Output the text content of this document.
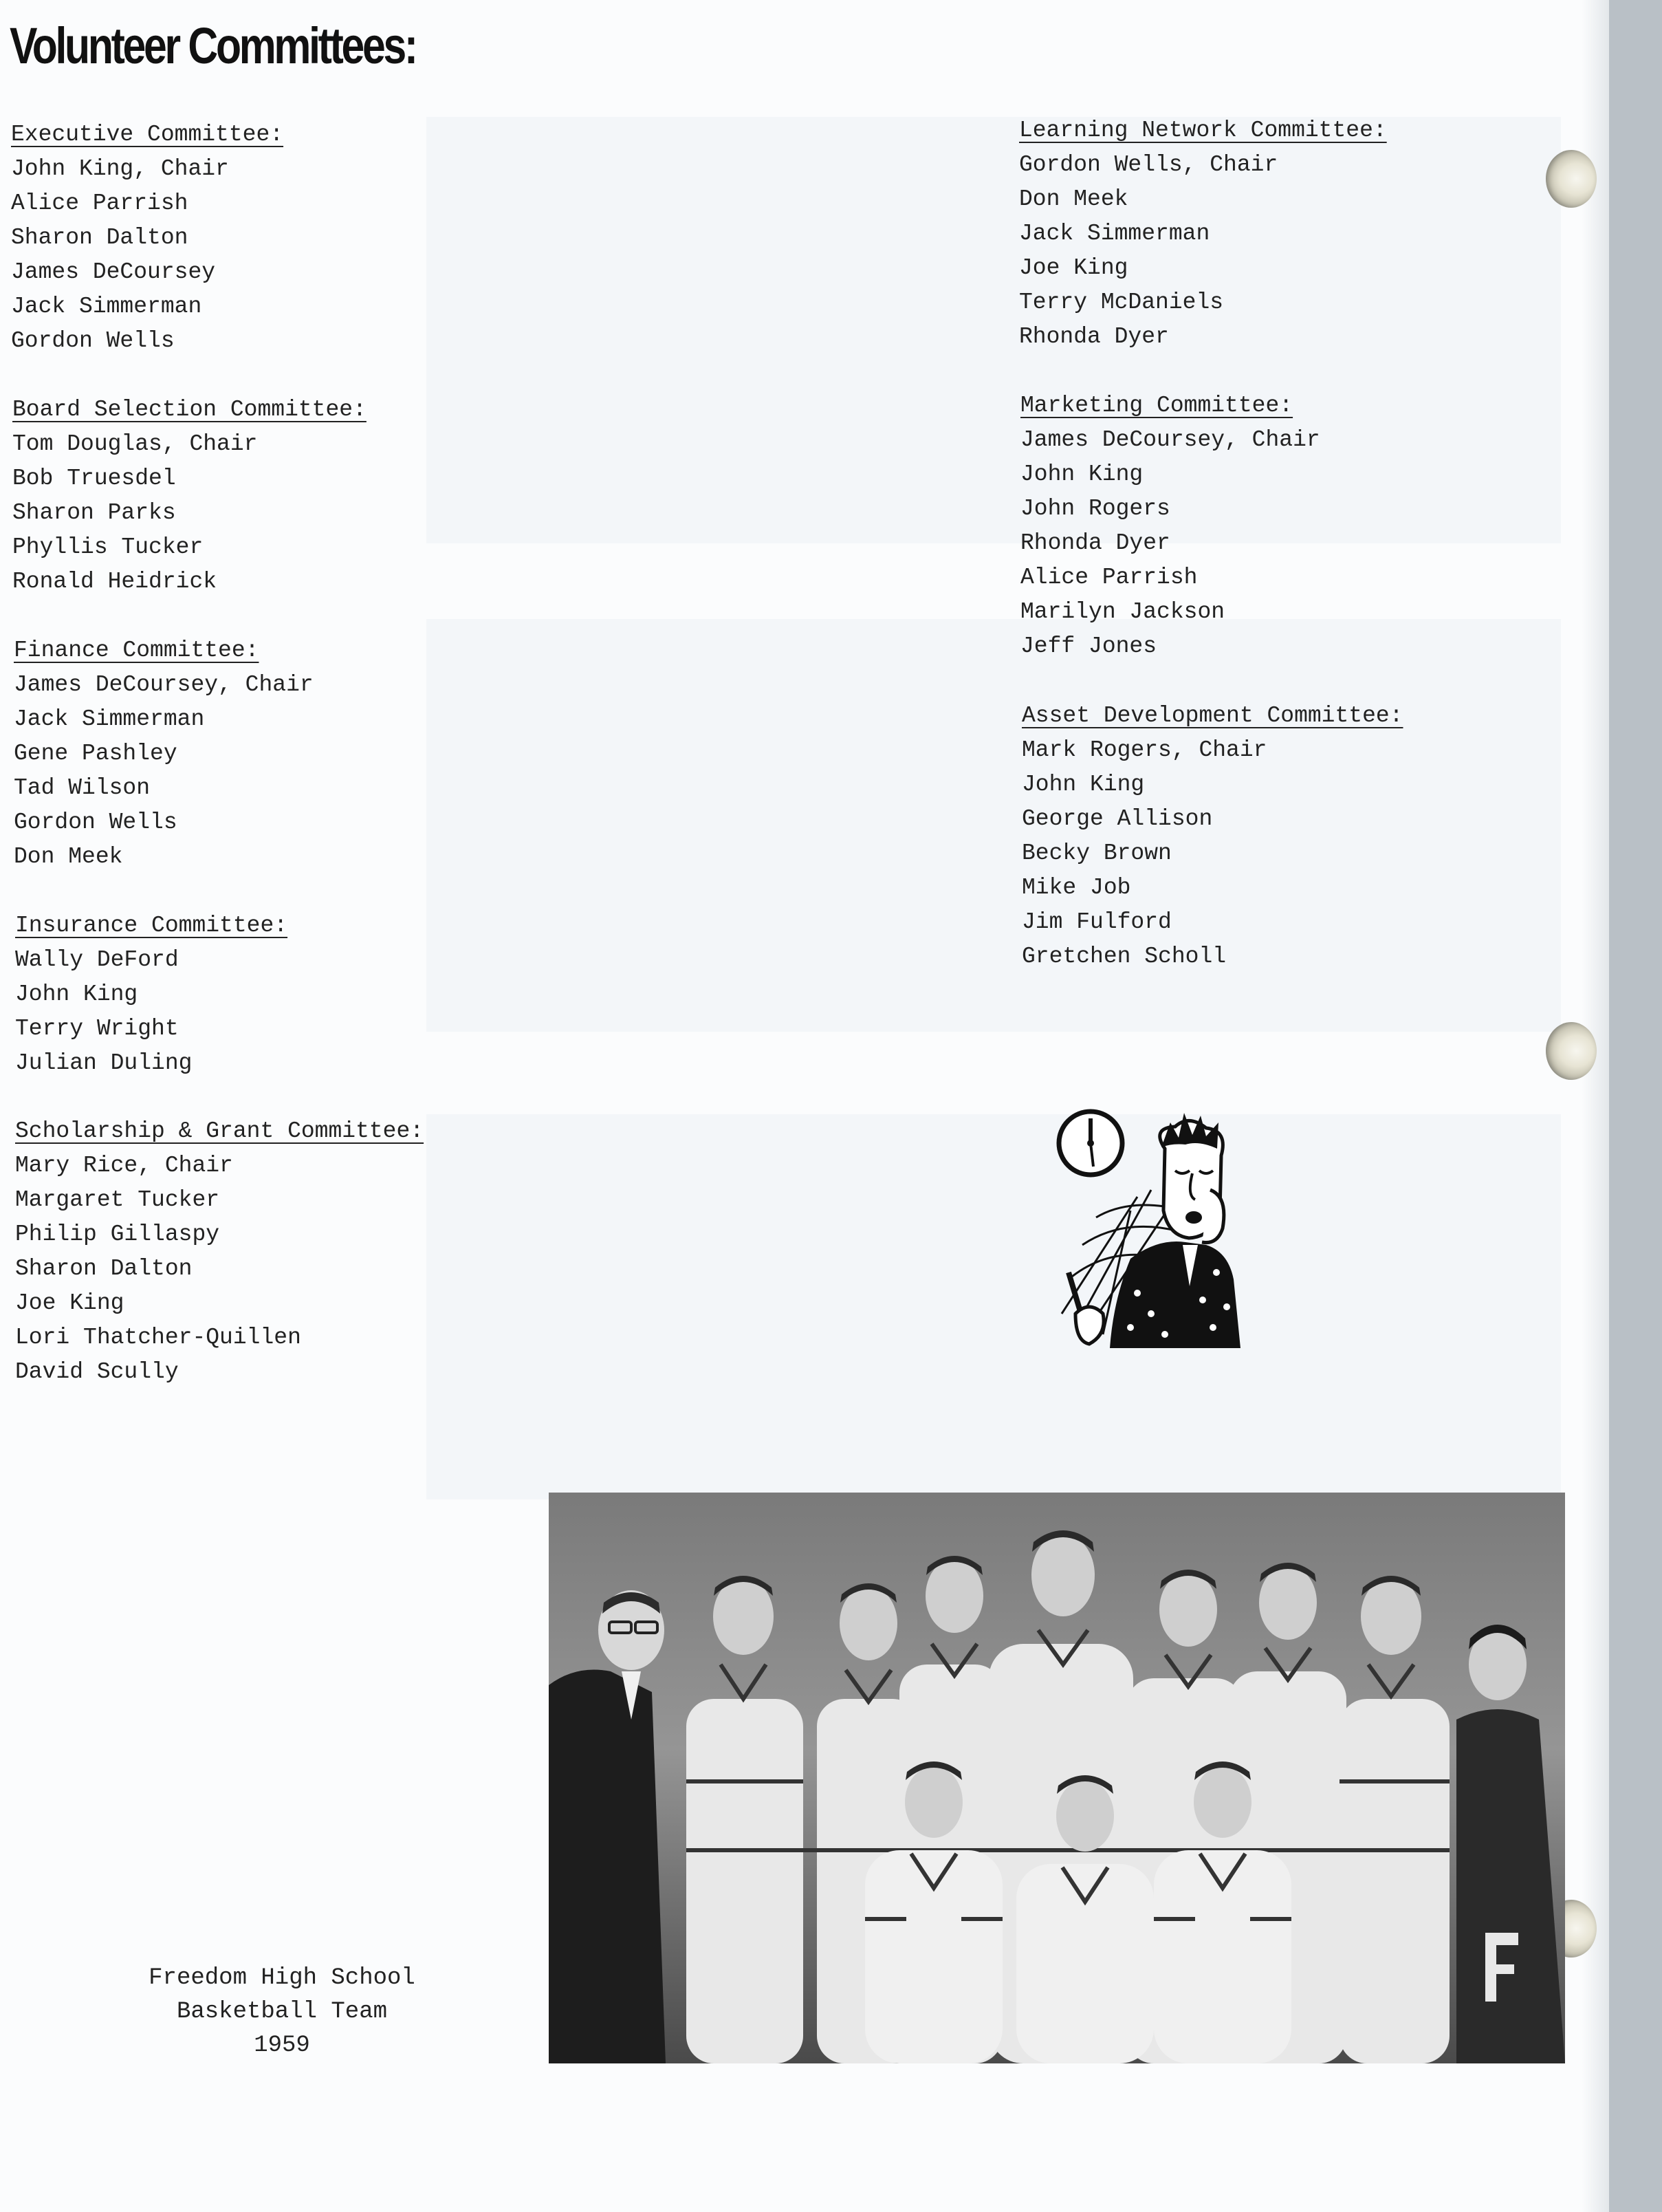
Volunteer Committees:
Executive Committee:
John King, Chair
Alice Parrish
Sharon Dalton
James DeCoursey
Jack Simmerman
Gordon Wells
Board Selection Committee:
Tom Douglas, Chair
Bob Truesdel
Sharon Parks
Phyllis Tucker
Ronald Heidrick
Finance Committee:
James DeCoursey, Chair
Jack Simmerman
Gene Pashley
Tad Wilson
Gordon Wells
Don Meek
Insurance Committee:
Wally DeFord
John King
Terry Wright
Julian Duling
Scholarship & Grant Committee:
Mary Rice, Chair
Margaret Tucker
Philip Gillaspy
Sharon Dalton
Joe King
Lori Thatcher-Quillen
David Scully
Learning Network Committee:
Gordon Wells, Chair
Don Meek
Jack Simmerman
Joe King
Terry McDaniels
Rhonda Dyer
Marketing Committee:
James DeCoursey, Chair
John King
John Rogers
Rhonda Dyer
Alice Parrish
Marilyn Jackson
Jeff Jones
Asset Development Committee:
Mark Rogers, Chair
John King
George Allison
Becky Brown
Mike Job
Jim Fulford
Gretchen Scholl
Freedom High School
Basketball Team
1959
